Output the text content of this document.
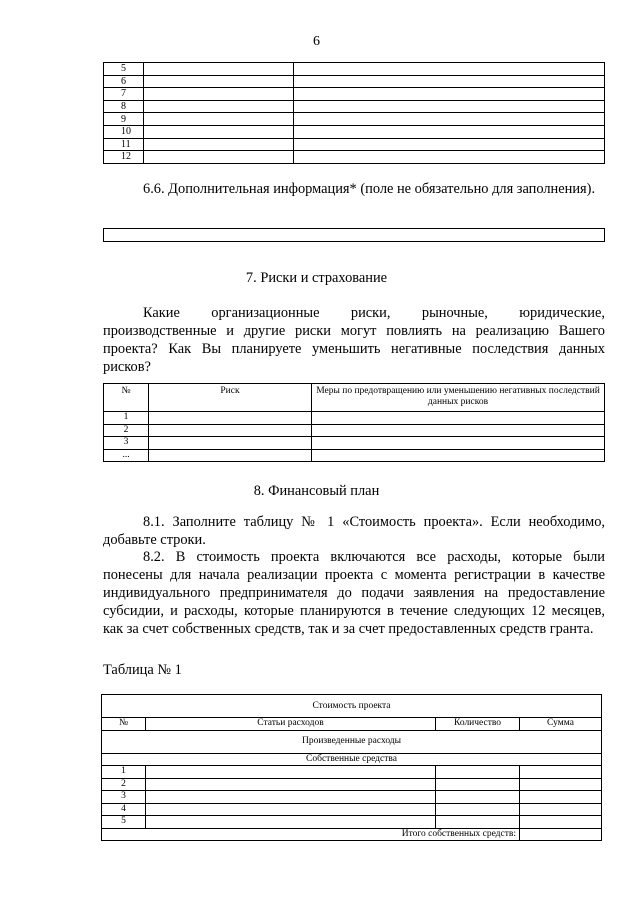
6
5		
6		
7		
8		
9		
10		
11		
12		
6.6. Дополнительная информация* (поле не обязательно для заполнения).
7. Риски и страхование
Какие организационные риски, рыночные, юридические, производственные и другие риски могут повлиять на реализацию Вашего проекта? Как Вы планируете уменьшить негативные последствия данных рисков?
№	Риск	Меры по предотвращению или уменьшению негативных последствий данных рисков
1		
2		
3		
...		
8. Финансовый план
8.1. Заполните таблицу № 1 «Стоимость проекта». Если необходимо, добавьте строки.
8.2. В стоимость проекта включаются все расходы, которые были понесены для начала реализации проекта с момента регистрации в качестве индивидуального предпринимателя до подачи заявления на предоставление субсидии, и расходы, которые планируются в течение следующих 12 месяцев, как за счет собственных средств, так и за счет предоставленных средств гранта.
Таблица № 1
Стоимость проекта			
№	Статьи расходов	Количество	Сумма
Произведенные расходы			
Собственные средства			
1			
2			
3			
4			
5			
Итого собственных средств:			
